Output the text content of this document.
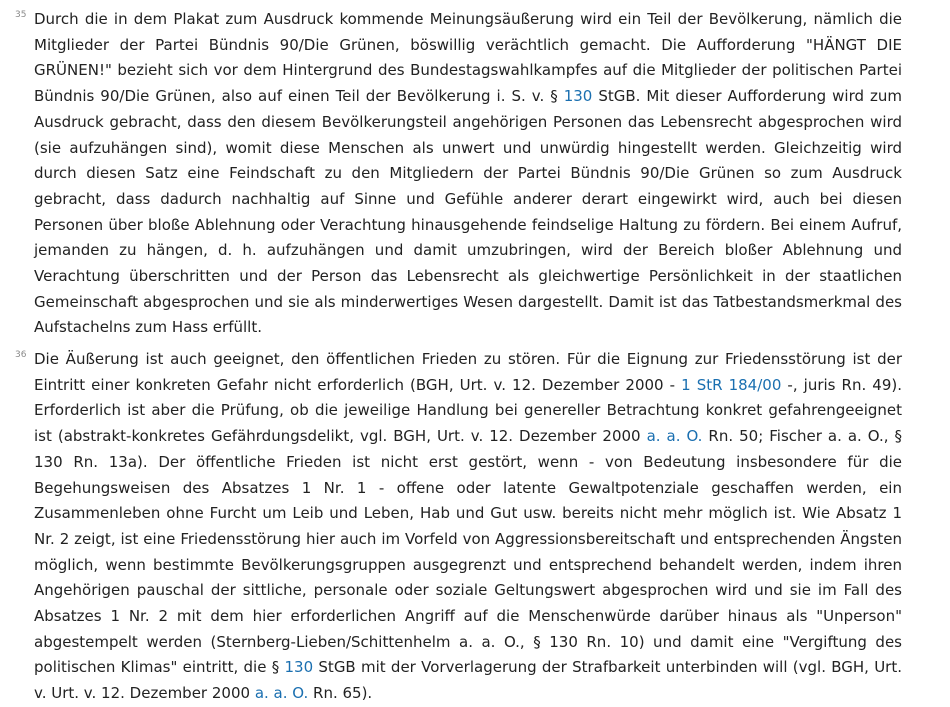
35 Durch die in dem Plakat zum Ausdruck kommende Meinungsäußerung wird ein Teil der Bevölkerung, nämlich die Mitglieder der Partei Bündnis 90/Die Grünen, böswillig verächtlich gemacht. Die Aufforderung "HÄNGT DIE GRÜNEN!" bezieht sich vor dem Hintergrund des Bundestagswahlkampfes auf die Mitglieder der politischen Partei Bündnis 90/Die Grünen, also auf einen Teil der Bevölkerung i. S. v. § 130 StGB. Mit dieser Aufforderung wird zum Ausdruck gebracht, dass den diesem Bevölkerungsteil angehörigen Personen das Lebensrecht abgesprochen wird (sie aufzuhängen sind), womit diese Menschen als unwert und unwürdig hingestellt werden. Gleichzeitig wird durch diesen Satz eine Feindschaft zu den Mitgliedern der Partei Bündnis 90/Die Grünen so zum Ausdruck gebracht, dass dadurch nachhaltig auf Sinne und Gefühle anderer derart eingewirkt wird, auch bei diesen Personen über bloße Ablehnung oder Verachtung hinausgehende feindselige Haltung zu fördern. Bei einem Aufruf, jemanden zu hängen, d. h. aufzuhängen und damit umzubringen, wird der Bereich bloßer Ablehnung und Verachtung überschritten und der Person das Lebensrecht als gleichwertige Persönlichkeit in der staatlichen Gemeinschaft abgesprochen und sie als minderwertiges Wesen dargestellt. Damit ist das Tatbestandsmerkmal des Aufstachelns zum Hass erfüllt.

36 Die Äußerung ist auch geeignet, den öffentlichen Frieden zu stören. Für die Eignung zur Friedensstörung ist der Eintritt einer konkreten Gefahr nicht erforderlich (BGH, Urt. v. 12. Dezember 2000 - 1 StR 184/00 -, juris Rn. 49). Erforderlich ist aber die Prüfung, ob die jeweilige Handlung bei genereller Betrachtung konkret gefahrengeeignet ist (abstrakt-konkretes Gefährdungsdelikt, vgl. BGH, Urt. v. 12. Dezember 2000 a. a. O. Rn. 50; Fischer a. a. O., § 130 Rn. 13a). Der öffentliche Frieden ist nicht erst gestört, wenn - von Bedeutung insbesondere für die Begehungsweisen des Absatzes 1 Nr. 1 - offene oder latente Gewaltpotenziale geschaffen werden, ein Zusammenleben ohne Furcht um Leib und Leben, Hab und Gut usw. bereits nicht mehr möglich ist. Wie Absatz 1 Nr. 2 zeigt, ist eine Friedensstörung hier auch im Vorfeld von Aggressionsbereitschaft und entsprechenden Ängsten möglich, wenn bestimmte Bevölkerungsgruppen ausgegrenzt und entsprechend behandelt werden, indem ihren Angehörigen pauschal der sittliche, personale oder soziale Geltungswert abgesprochen wird und sie im Fall des Absatzes 1 Nr. 2 mit dem hier erforderlichen Angriff auf die Menschenwürde darüber hinaus als "Unperson" abgestempelt werden (Sternberg-Lieben/Schittenhelm a. a. O., § 130 Rn. 10) und damit eine "Vergiftung des politischen Klimas" eintritt, die § 130 StGB mit der Vorverlagerung der Strafbarkeit unterbinden will (vgl. BGH, Urt. v. Urt. v. 12. Dezember 2000 a. a. O. Rn. 65).
